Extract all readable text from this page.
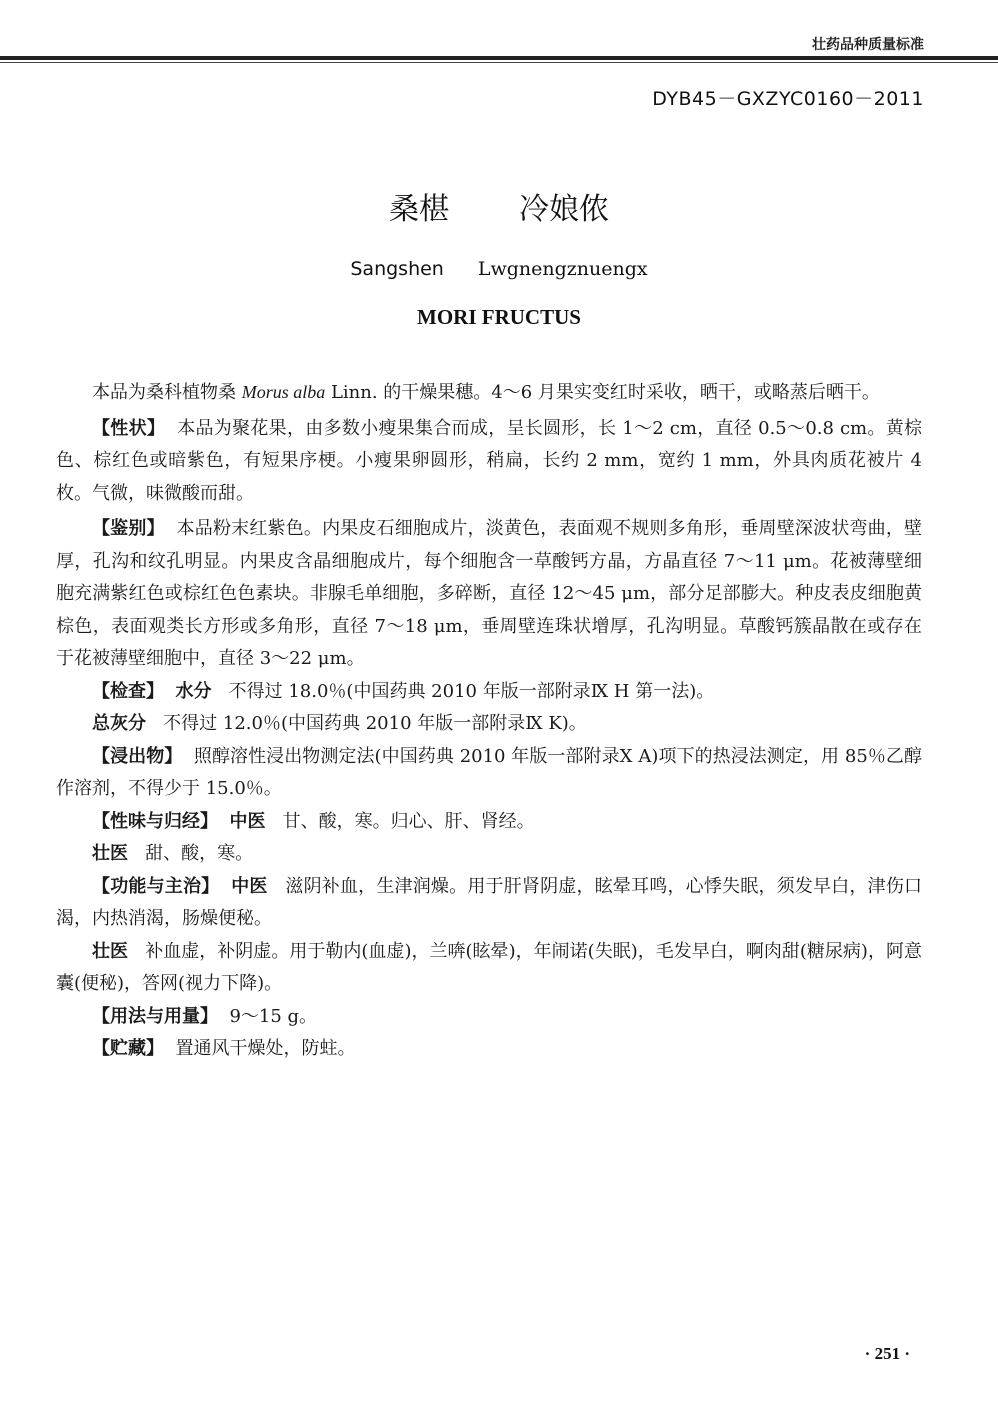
壮药品种质量标准
DYB45－GXZYC0160－2011
桑椹 冷娘侬
Sangshen Lwgnengznuengx
MORI FRUCTUS

本品为桑科植物桑 Morus alba Linn. 的干燥果穗。4～6 月果实变红时采收，晒干，或略蒸后晒干。

【性状】 本品为聚花果，由多数小瘦果集合而成，呈长圆形，长 1～2 cm，直径 0.5～0.8 cm。黄棕色、棕红色或暗紫色，有短果序梗。小瘦果卵圆形，稍扁，长约 2 mm，宽约 1 mm，外具肉质花被片 4 枚。气微，味微酸而甜。

【鉴别】 本品粉末红紫色。内果皮石细胞成片，淡黄色，表面观不规则多角形，垂周壁深波状弯曲，壁厚，孔沟和纹孔明显。内果皮含晶细胞成片，每个细胞含一草酸钙方晶，方晶直径 7～11 μm。花被薄壁细胞充满紫红色或棕红色色素块。非腺毛单细胞，多碎断，直径 12～45 μm，部分足部膨大。种皮表皮细胞黄棕色，表面观类长方形或多角形，直径 7～18 μm，垂周壁连珠状增厚，孔沟明显。草酸钙簇晶散在或存在于花被薄壁细胞中，直径 3～22 μm。

【检查】 水分 不得过 18.0％(中国药典 2010 年版一部附录Ⅸ H 第一法)。

总灰分 不得过 12.0％(中国药典 2010 年版一部附录Ⅸ K)。

【浸出物】 照醇溶性浸出物测定法(中国药典 2010 年版一部附录Ⅹ A)项下的热浸法测定，用 85％乙醇作溶剂，不得少于 15.0％。

【性味与归经】 中医 甘、酸，寒。归心、肝、肾经。

壮医 甜、酸，寒。

【功能与主治】 中医 滋阴补血，生津润燥。用于肝肾阴虚，眩晕耳鸣，心悸失眠，须发早白，津伤口渴，内热消渴，肠燥便秘。

壮医 补血虚，补阴虚。用于勒内(血虚)，兰喯(眩晕)，年闹诺(失眠)，毛发早白，啊肉甜(糖尿病)，阿意囊(便秘)，答网(视力下降)。

【用法与用量】 9～15 g。

【贮藏】 置通风干燥处，防蛀。

· 251 ·
